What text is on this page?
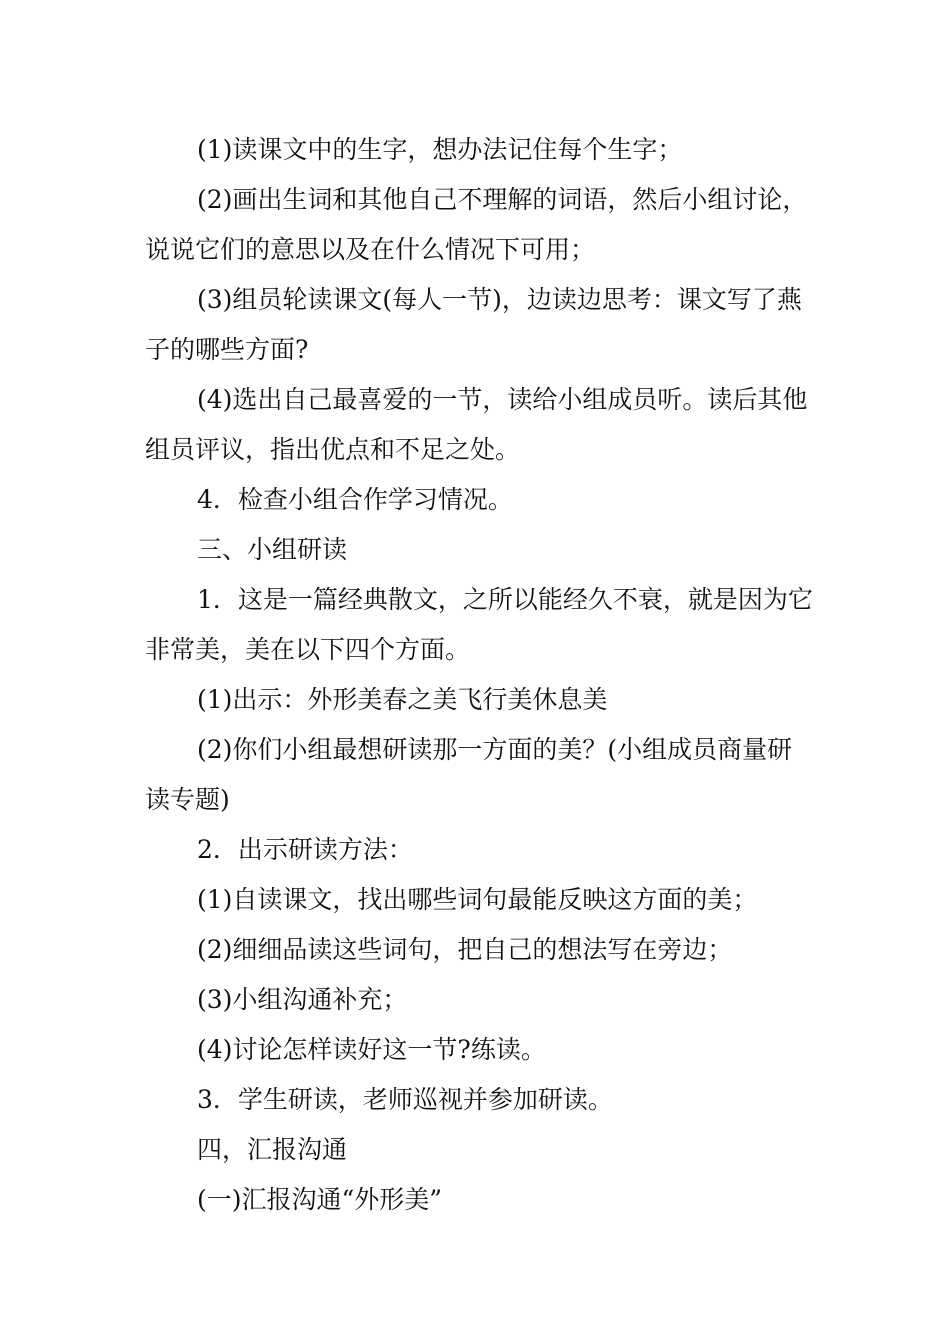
(1)读课文中的生字，想办法记住每个生字；

(2)画出生词和其他自己不理解的词语，然后小组讨论，说说它们的意思以及在什么情况下可用；

(3)组员轮读课文(每人一节)，边读边思考：课文写了燕子的哪些方面?

(4)选出自己最喜爱的一节，读给小组成员听。读后其他组员评议，指出优点和不足之处。

4．检查小组合作学习情况。

三、小组研读

1．这是一篇经典散文，之所以能经久不衰，就是因为它非常美，美在以下四个方面。

(1)出示：外形美春之美飞行美休息美

(2)你们小组最想研读那一方面的美？(小组成员商量研读专题)

2．出示研读方法：

(1)自读课文，找出哪些词句最能反映这方面的美；

(2)细细品读这些词句，把自己的想法写在旁边；

(3)小组沟通补充；

(4)讨论怎样读好这一节?练读。

3．学生研读，老师巡视并参加研读。

四，汇报沟通

(一)汇报沟通“外形美”
